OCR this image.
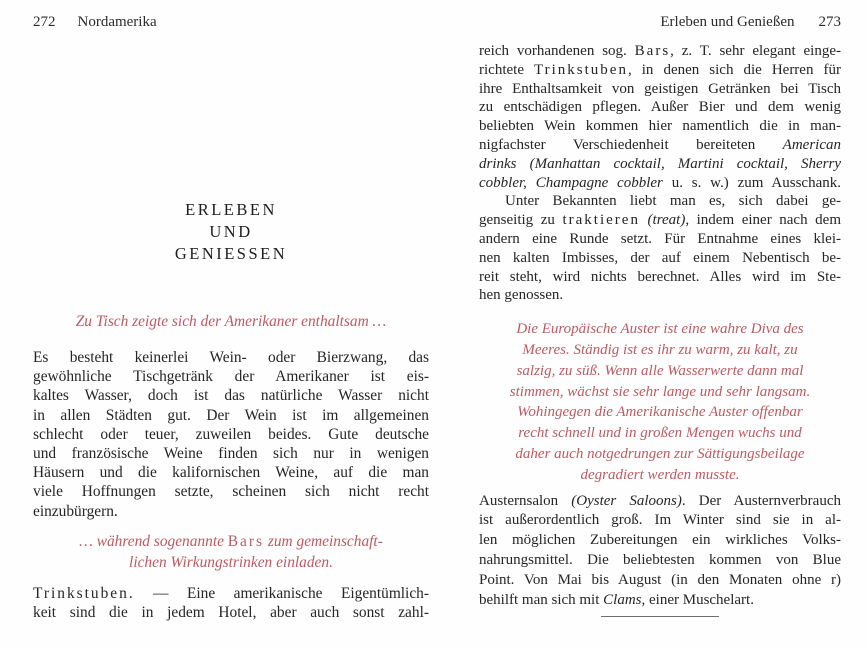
272 Nordamerika
ERLEBEN
UND
GENIESSEN
Zu Tisch zeigte sich der Amerikaner enthaltsam …
Es besteht keinerlei Wein- oder Bierzwang, das
gewöhnliche Tischgetränk der Amerikaner ist eis-
kaltes Wasser, doch ist das natürliche Wasser nicht
in allen Städten gut. Der Wein ist im allgemeinen
schlecht oder teuer, zuweilen beides. Gute deutsche
und französische Weine finden sich nur in wenigen
Häusern und die kalifornischen Weine, auf die man
viele Hoffnungen setzte, scheinen sich nicht recht
einzubürgern.
… während sogenannte Bars zum gemeinschaft-
lichen Wirkungstrinken einladen.
Trinkstuben. — Eine amerikanische Eigentümlich-
keit sind die in jedem Hotel, aber auch sonst zahl-
Erleben und Genießen 273
reich vorhandenen sog. Bars, z. T. sehr elegant einge-
richtete Trinkstuben, in denen sich die Herren für
ihre Enthaltsamkeit von geistigen Getränken bei Tisch
zu entschädigen pflegen. Außer Bier und dem wenig
beliebten Wein kommen hier namentlich die in man-
nigfachster Verschiedenheit bereiteten American
drinks (Manhattan cocktail, Martini cocktail, Sherry
cobbler, Champagne cobbler u. s. w.) zum Ausschank.
Unter Bekannten liebt man es, sich dabei ge-
genseitig zu traktieren (treat), indem einer nach dem
andern eine Runde setzt. Für Entnahme eines klei-
nen kalten Imbisses, der auf einem Nebentisch be-
reit steht, wird nichts berechnet. Alles wird im Ste-
hen genossen.
Die Europäische Auster ist eine wahre Diva des
Meeres. Ständig ist es ihr zu warm, zu kalt, zu
salzig, zu süß. Wenn alle Wasserwerte dann mal
stimmen, wächst sie sehr lange und sehr langsam.
Wohingegen die Amerikanische Auster offenbar
recht schnell und in großen Mengen wuchs und
daher auch notgedrungen zur Sättigungsbeilage
degradiert werden musste.
Austernsalon (Oyster Saloons). Der Austernverbrauch
ist außerordentlich groß. Im Winter sind sie in al-
len möglichen Zubereitungen ein wirkliches Volks-
nahrungsmittel. Die beliebtesten kommen von Blue
Point. Von Mai bis August (in den Monaten ohne r)
behilft man sich mit Clams, einer Muschelart.
